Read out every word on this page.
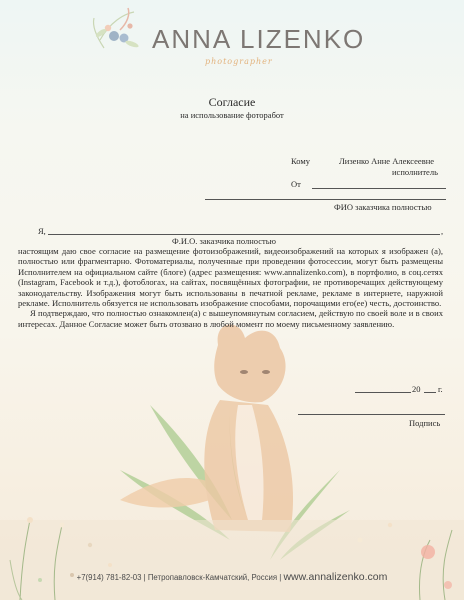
ANNA LIZENKO
photographer
Согласие
на использование фоторабот
Кому	Лизенко Анне Алексеевне
исполнитель
От
ФИО заказчика полностью
Я,	,
Ф.И.О. заказчика полностью

настоящим даю свое согласие на размещение фотоизображений, видеоизображений на которых я изображен (а), полностью или фрагментарно. Фотоматериалы, полученные при проведении фотосессии, могут быть размещены Исполнителем на официальном сайте (блоге) (адрес размещения: www.annalizenko.com), в портфолио, в соц.сетях (Instagram, Facebook и т.д.), фотоблогах, на сайтах, посвящённых фотографии, не противоречащих действующему законодательству. Изображения могут быть использованы в печатной рекламе, рекламе в интернете, наружной рекламе. Исполнитель обязуется не использовать изображение способами, порочащими его(ее) честь, достоинство.

Я подтверждаю, что полностью ознакомлен(а) с вышеупомянутым согласием, действую по своей воле и в своих интересах. Данное Согласие может быть отозвано в любой момент по моему письменному заявлению.

20 г.
Подпись
+7(914) 781-82-03 | Петропавловск-Камчатский, Россия | www.annalizenko.com
